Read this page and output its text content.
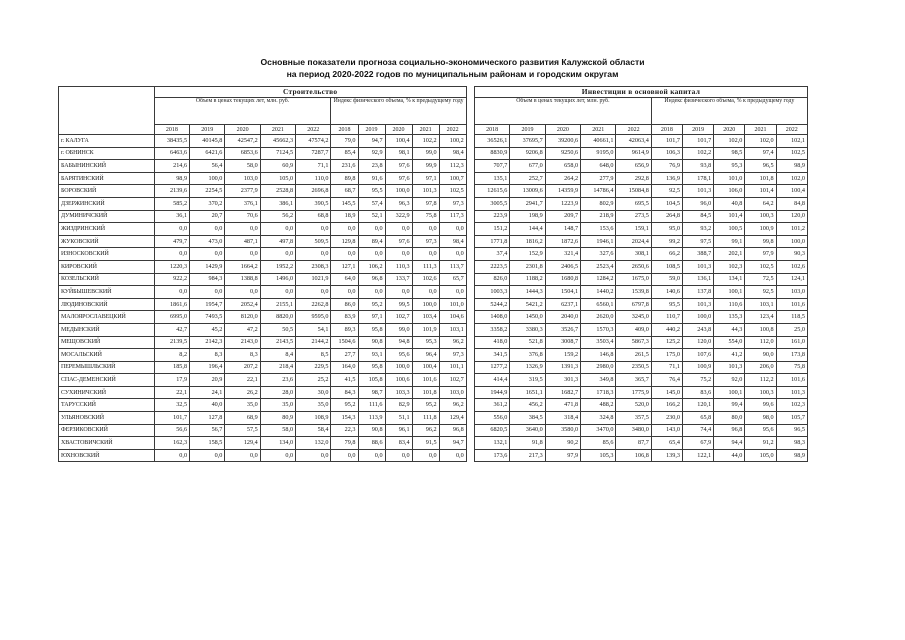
Основные показатели прогноза социально-экономического развития Калужской области
на период 2020-2022 годов по муниципальным районам и городским округам
	Строительство											Инвестиции в основной капитал									
	Объем в ценах текущих лет, млн. руб.					Индекс физического объема, % к предыдущему году						Объем в ценах текущих лет, млн. руб.					Индекс физического объема, % к предыдущему году				
	2018	2019	2020	2021	2022	2018	2019	2020	2021	2022		2018	2019	2020	2021	2022	2018	2019	2020	2021	2022
г. КАЛУГА	38435,5	40145,8	42547,2	45662,3	47574,2	79,0	94,7	100,4	102,2	100,2		36526,1	37695,7	39200,6	40661,1	42063,4	101,7	101,7	102,0	102,0	102,1
г. ОБНИНСК	6463,6	6421,6	6853,6	7124,5	7287,7	85,4	92,9	98,1	99,0	98,4		8830,9	9206,8	9250,6	9195,0	9614,9	106,3	102,2	98,5	97,4	102,5
БАБЫНИНСКИЙ	214,6	56,4	58,0	60,9	71,1	231,6	23,8	97,6	99,9	112,3		707,7	677,0	658,0	648,0	656,9	76,9	93,8	95,3	96,5	98,9
БАРЯТИНСКИЙ	98,9	100,0	103,0	105,0	110,0	89,8	91,6	97,6	97,1	100,7		135,1	252,7	264,2	277,9	292,8	136,9	178,1	101,0	101,8	102,0
БОРОВСКИЙ	2139,6	2254,5	2377,9	2528,8	2696,8	68,7	95,5	100,0	101,3	102,5		12615,6	13009,6	14359,9	14786,4	15084,8	92,5	101,3	106,0	101,4	100,4
ДЗЕРЖИНСКИЙ	585,2	370,2	376,1	386,1	390,5	145,5	57,4	96,3	97,8	97,3		3005,5	2941,7	1223,9	802,9	695,5	104,5	96,0	40,8	64,2	84,8
ДУМИНИЧСКИЙ	36,1	20,7	70,6	56,2	68,8	18,9	52,1	322,9	75,8	117,3		223,9	198,9	209,7	218,9	273,5	264,8	84,5	101,4	100,3	120,0
ЖИЗДРИНСКИЙ	0,0	0,0	0,0	0,0	0,0	0,0	0,0	0,0	0,0	0,0		151,2	144,4	148,7	153,6	159,1	95,0	93,2	100,5	100,9	101,2
ЖУКОВСКИЙ	479,7	473,0	487,1	497,8	509,5	129,8	89,4	97,6	97,3	98,4		1771,8	1816,2	1872,6	1946,1	2024,4	99,2	97,5	99,1	99,8	100,0
ИЗНОСКОВСКИЙ	0,0	0,0	0,0	0,0	0,0	0,0	0,0	0,0	0,0	0,0		37,4	152,9	321,4	327,6	308,1	66,2	388,7	202,1	97,9	90,3
КИРОВСКИЙ	1220,3	1429,9	1664,2	1952,2	2308,3	127,1	106,2	110,3	111,3	113,7		2223,5	2301,8	2406,5	2523,4	2650,6	108,5	101,3	102,3	102,5	102,6
КОЗЕЛЬСКИЙ	922,2	984,3	1388,8	1496,0	1021,9	64,0	96,8	133,7	102,6	65,7		826,0	1188,2	1680,8	1284,2	1675,0	59,0	136,1	134,1	72,5	124,1
КУЙБЫШЕВСКИЙ	0,0	0,0	0,0	0,0	0,0	0,0	0,0	0,0	0,0	0,0		1003,3	1444,3	1504,1	1440,2	1539,8	140,6	137,8	100,1	92,5	103,0
ЛЮДИНОВСКИЙ	1861,6	1954,7	2052,4	2155,1	2262,8	86,0	95,2	99,5	100,0	101,0		5244,2	5421,2	6237,1	6560,1	6797,8	95,5	101,3	110,6	103,1	101,6
МАЛОЯРОСЛАВЕЦКИЙ	6995,0	7493,5	8120,0	8820,0	9595,0	83,9	97,1	102,7	103,4	104,6		1408,0	1450,0	2040,0	2620,0	3245,0	110,7	100,0	135,3	123,4	118,5
МЕДЫНСКИЙ	42,7	45,2	47,2	50,5	54,1	89,3	95,8	99,0	101,9	103,1		3358,2	3380,3	3526,7	1570,3	409,0	440,2	243,8	44,3	100,8	25,0
МЕЩОВСКИЙ	2139,5	2142,3	2143,0	2143,5	2144,2	1504,6	90,8	94,8	95,3	96,2		418,0	521,8	3008,7	3503,4	5867,3	125,2	120,0	554,0	112,0	161,0
МОСАЛЬСКИЙ	8,2	8,3	8,3	8,4	8,5	27,7	93,1	95,6	96,4	97,3		341,5	376,8	159,2	146,8	261,5	175,0	107,6	41,2	90,0	173,8
ПЕРЕМЫШЛЬСКИЙ	185,8	196,4	207,2	218,4	229,5	164,0	95,8	100,0	100,4	101,1		1277,2	1326,9	1391,3	2980,0	2350,5	71,1	100,9	101,3	206,0	75,8
СПАС-ДЕМЕНСКИЙ	17,9	20,9	22,1	23,6	25,2	41,5	105,8	100,6	101,6	102,7		414,4	319,5	301,3	349,8	365,7	76,4	75,2	92,0	112,2	101,6
СУХИНИЧСКИЙ	22,1	24,1	26,2	28,0	30,0	84,3	98,7	103,3	101,8	103,0		1944,9	1651,1	1682,7	1718,3	1775,9	145,0	83,6	100,1	100,3	101,3
ТАРУССКИЙ	32,5	40,0	35,0	35,0	35,0	95,2	111,6	82,9	95,2	96,2		361,2	456,2	471,8	488,2	520,0	166,2	120,1	99,4	99,6	102,3
УЛЬЯНОВСКИЙ	101,7	127,8	68,9	80,9	108,9	154,3	113,9	51,1	111,8	129,4		556,0	384,5	318,4	324,8	357,5	230,0	65,8	80,0	98,0	105,7
ФЕРЗИКОВСКИЙ	56,6	56,7	57,5	58,0	58,4	22,3	90,8	96,1	96,2	96,8		6820,5	3640,0	3580,0	3470,0	3480,0	143,0	74,4	96,8	95,6	96,5
ХВАСТОВИЧСКИЙ	162,3	158,5	129,4	134,0	132,0	79,8	88,6	83,4	91,5	94,7		132,1	91,8	90,2	85,6	87,7	65,4	67,9	94,4	91,2	98,3
ЮХНОВСКИЙ	0,0	0,0	0,0	0,0	0,0	0,0	0,0	0,0	0,0	0,0		173,6	217,3	97,9	105,3	106,8	139,3	122,1	44,0	105,0	98,9
